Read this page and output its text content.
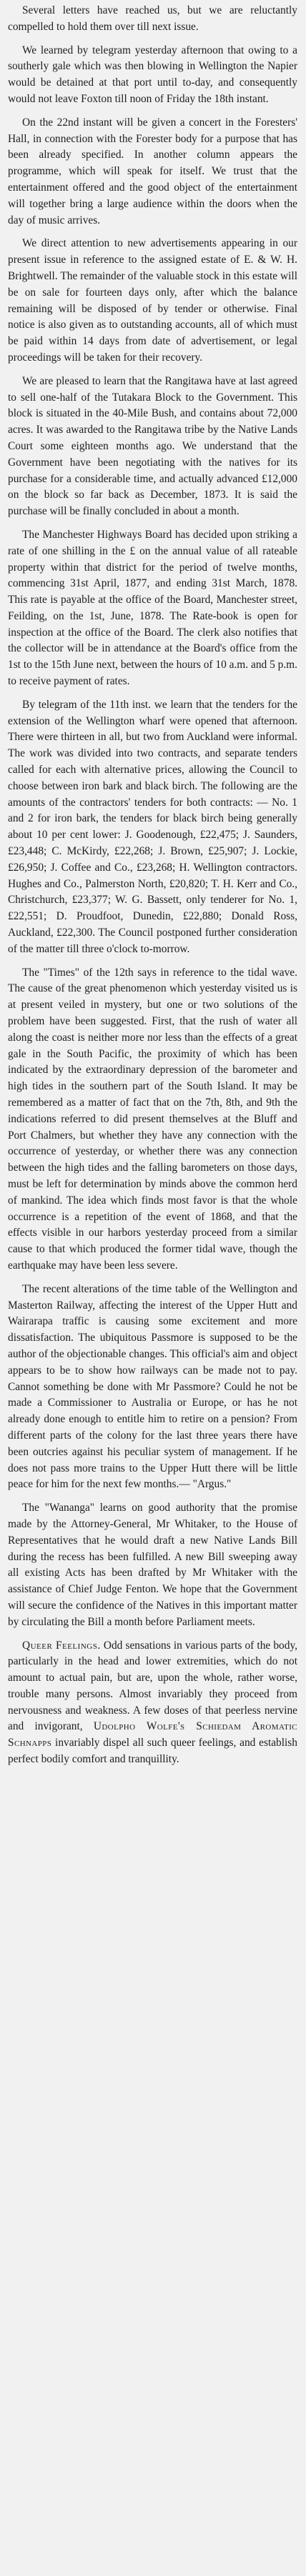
Several letters have reached us, but we are reluctantly compelled to hold them over till next issue.

We learned by telegram yesterday afternoon that owing to a southerly gale which was then blowing in Wellington the Napier would be detained at that port until to-day, and consequently would not leave Foxton till noon of Friday the 18th instant.

On the 22nd instant will be given a concert in the Foresters' Hall, in connection with the Forester body for a purpose that has been already specified. In another column appears the programme, which will speak for itself. We trust that the entertainment offered and the good object of the entertainment will together bring a large audience within the doors when the day of music arrives.

We direct attention to new advertisements appearing in our present issue in reference to the assigned estate of E. & W. H. Brightwell. The remainder of the valuable stock in this estate will be on sale for fourteen days only, after which the balance remaining will be disposed of by tender or otherwise. Final notice is also given as to outstanding accounts, all of which must be paid within 14 days from date of advertisement, or legal proceedings will be taken for their recovery.

We are pleased to learn that the Rangitawa have at last agreed to sell one-half of the Tutakara Block to the Government. This block is situated in the 40-Mile Bush, and contains about 72,000 acres. It was awarded to the Rangitawa tribe by the Native Lands Court some eighteen months ago. We understand that the Government have been negotiating with the natives for its purchase for a considerable time, and actually advanced £12,000 on the block so far back as December, 1873. It is said the purchase will be finally concluded in about a month.

The Manchester Highways Board has decided upon striking a rate of one shilling in the £ on the annual value of all rateable property within that district for the period of twelve months, commencing 31st April, 1877, and ending 31st March, 1878. This rate is payable at the office of the Board, Manchester street, Feilding, on the 1st, June, 1878. The Rate-book is open for inspection at the office of the Board. The clerk also notifies that the collector will be in attendance at the Board's office from the 1st to the 15th June next, between the hours of 10 a.m. and 5 p.m. to receive payment of rates.

By telegram of the 11th inst. we learn that the tenders for the extension of the Wellington wharf were opened that afternoon. There were thirteen in all, but two from Auckland were informal. The work was divided into two contracts, and separate tenders called for each with alternative prices, allowing the Council to choose between iron bark and black birch. The following are the amounts of the contractors' tenders for both contracts: — No. 1 and 2 for iron bark, the tenders for black birch being generally about 10 per cent lower: J. Goodenough, £22,475; J. Saunders, £23,448; C. McKirdy, £22,268; J. Brown, £25,907; J. Lockie, £26,950; J. Coffee and Co., £23,268; H. Wellington contractors. Hughes and Co., Palmerston North, £20,820; T. H. Kerr and Co., Christchurch, £23,377; W. G. Bassett, only tenderer for No. 1, £22,551; D. Proudfoot, Dunedin, £22,880; Donald Ross, Auckland, £22,300. The Council postponed further consideration of the matter till three o'clock to-morrow.

The "Times" of the 12th says in reference to the tidal wave. The cause of the great phenomenon which yesterday visited us is at present veiled in mystery, but one or two solutions of the problem have been suggested. First, that the rush of water all along the coast is neither more nor less than the effects of a great gale in the South Pacific, the proximity of which has been indicated by the extraordinary depression of the barometer and high tides in the southern part of the South Island. It may be remembered as a matter of fact that on the 7th, 8th, and 9th the indications referred to did present themselves at the Bluff and Port Chalmers, but whether they have any connection with the occurrence of yesterday, or whether there was any connection between the high tides and the falling barometers on those days, must be left for determination by minds above the common herd of mankind. The idea which finds most favor is that the whole occurrence is a repetition of the event of 1868, and that the effects visible in our harbors yesterday proceed from a similar cause to that which produced the former tidal wave, though the earthquake may have been less severe.

The recent alterations of the time table of the Wellington and Masterton Railway, affecting the interest of the Upper Hutt and Wairarapa traffic is causing some excitement and more dissatisfaction. The ubiquitous Passmore is supposed to be the author of the objectionable changes. This official's aim and object appears to be to show how railways can be made not to pay. Cannot something be done with Mr Passmore? Could he not be made a Commissioner to Australia or Europe, or has he not already done enough to entitle him to retire on a pension? From different parts of the colony for the last three years there have been outcries against his peculiar system of management. If he does not pass more trains to the Upper Hutt there will be little peace for him for the next few months.— "Argus."

The "Wananga" learns on good authority that the promise made by the Attorney-General, Mr Whitaker, to the House of Representatives that he would draft a new Native Lands Bill during the recess has been fulfilled. A new Bill sweeping away all existing Acts has been drafted by Mr Whitaker with the assistance of Chief Judge Fenton. We hope that the Government will secure the confidence of the Natives in this important matter by circulating the Bill a month before Parliament meets.

Queer Feelings. Odd sensations in various parts of the body, particularly in the head and lower extremities, which do not amount to actual pain, but are, upon the whole, rather worse, trouble many persons. Almost invariably they proceed from nervousness and weakness. A few doses of that peerless nervine and invigorant, Udolpho Wolfe's Schiedam Aromatic Schnapps invariably dispel all such queer feelings, and establish perfect bodily comfort and tranquillity.
